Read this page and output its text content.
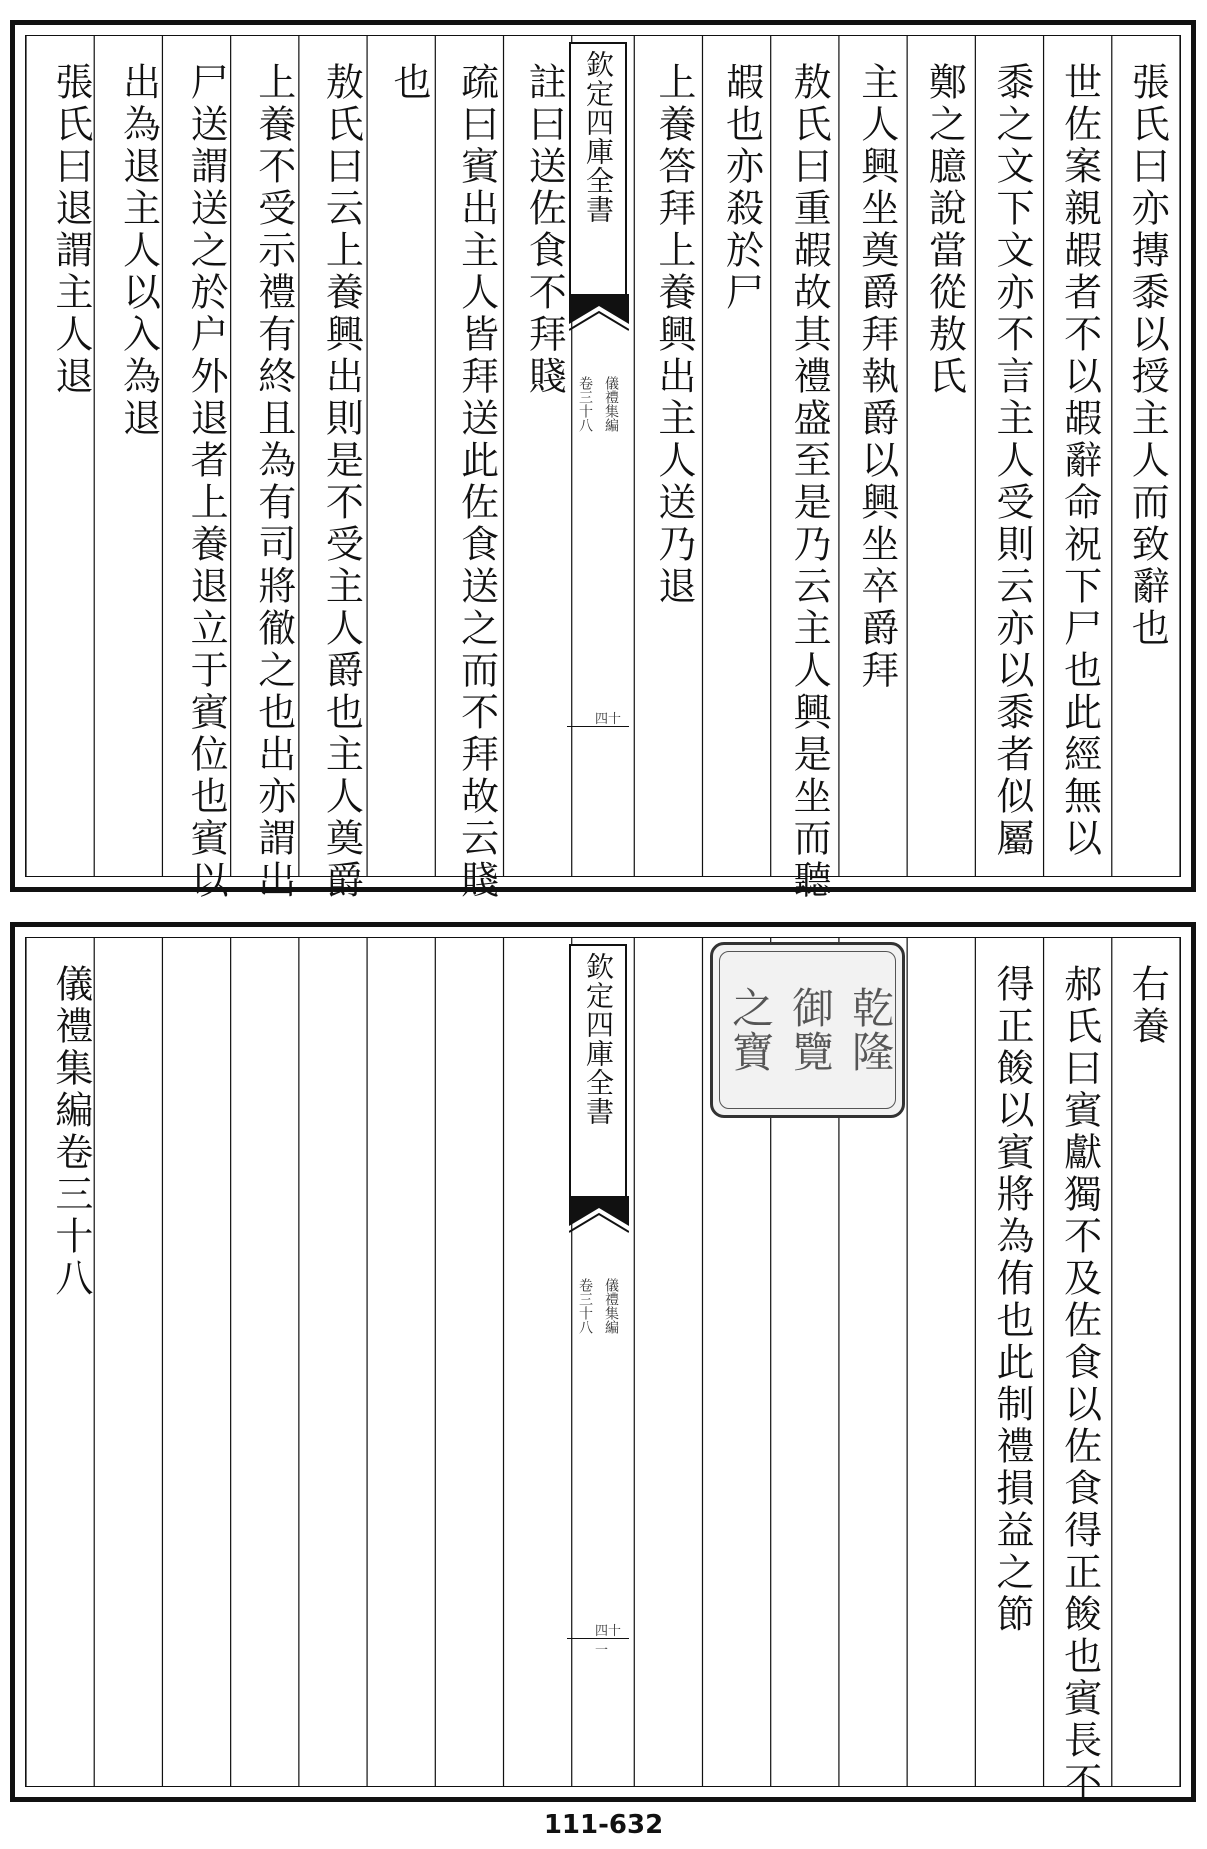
張氏曰亦摶黍以授主人而致辭也
世佐案親嘏者不以嘏辭命祝下尸也此經無以
黍之文下文亦不言主人受則云亦以黍者似屬
鄭之臆說當從敖氏
主人興坐奠爵拜執爵以興坐卒爵拜
敖氏曰重嘏故其禮盛至是乃云主人興是坐而聽
嘏也亦殺於尸
上養答拜上養興出主人送乃退
註曰送佐食不拜賤
疏曰賓出主人皆拜送此佐食送之而不拜故云賤
也
敖氏曰云上養興出則是不受主人爵也主人奠爵
上養不受示禮有終且為有司將徹之也出亦謂出
尸送謂送之於户外退者上養退立于賓位也賓以
出為退主人以入為退
張氏曰退謂主人退	欽定四庫全書
儀禮集編
卷三十八
四十
右養
郝氏曰賓獻獨不及佐食以佐食得正餕也賓長不
得正餕以賓將為侑也此制禮損益之節
儀禮集編卷三十八	乾隆
御覽
之寶
欽定四庫全書
儀禮集編
卷三十八
四十一
111-632
